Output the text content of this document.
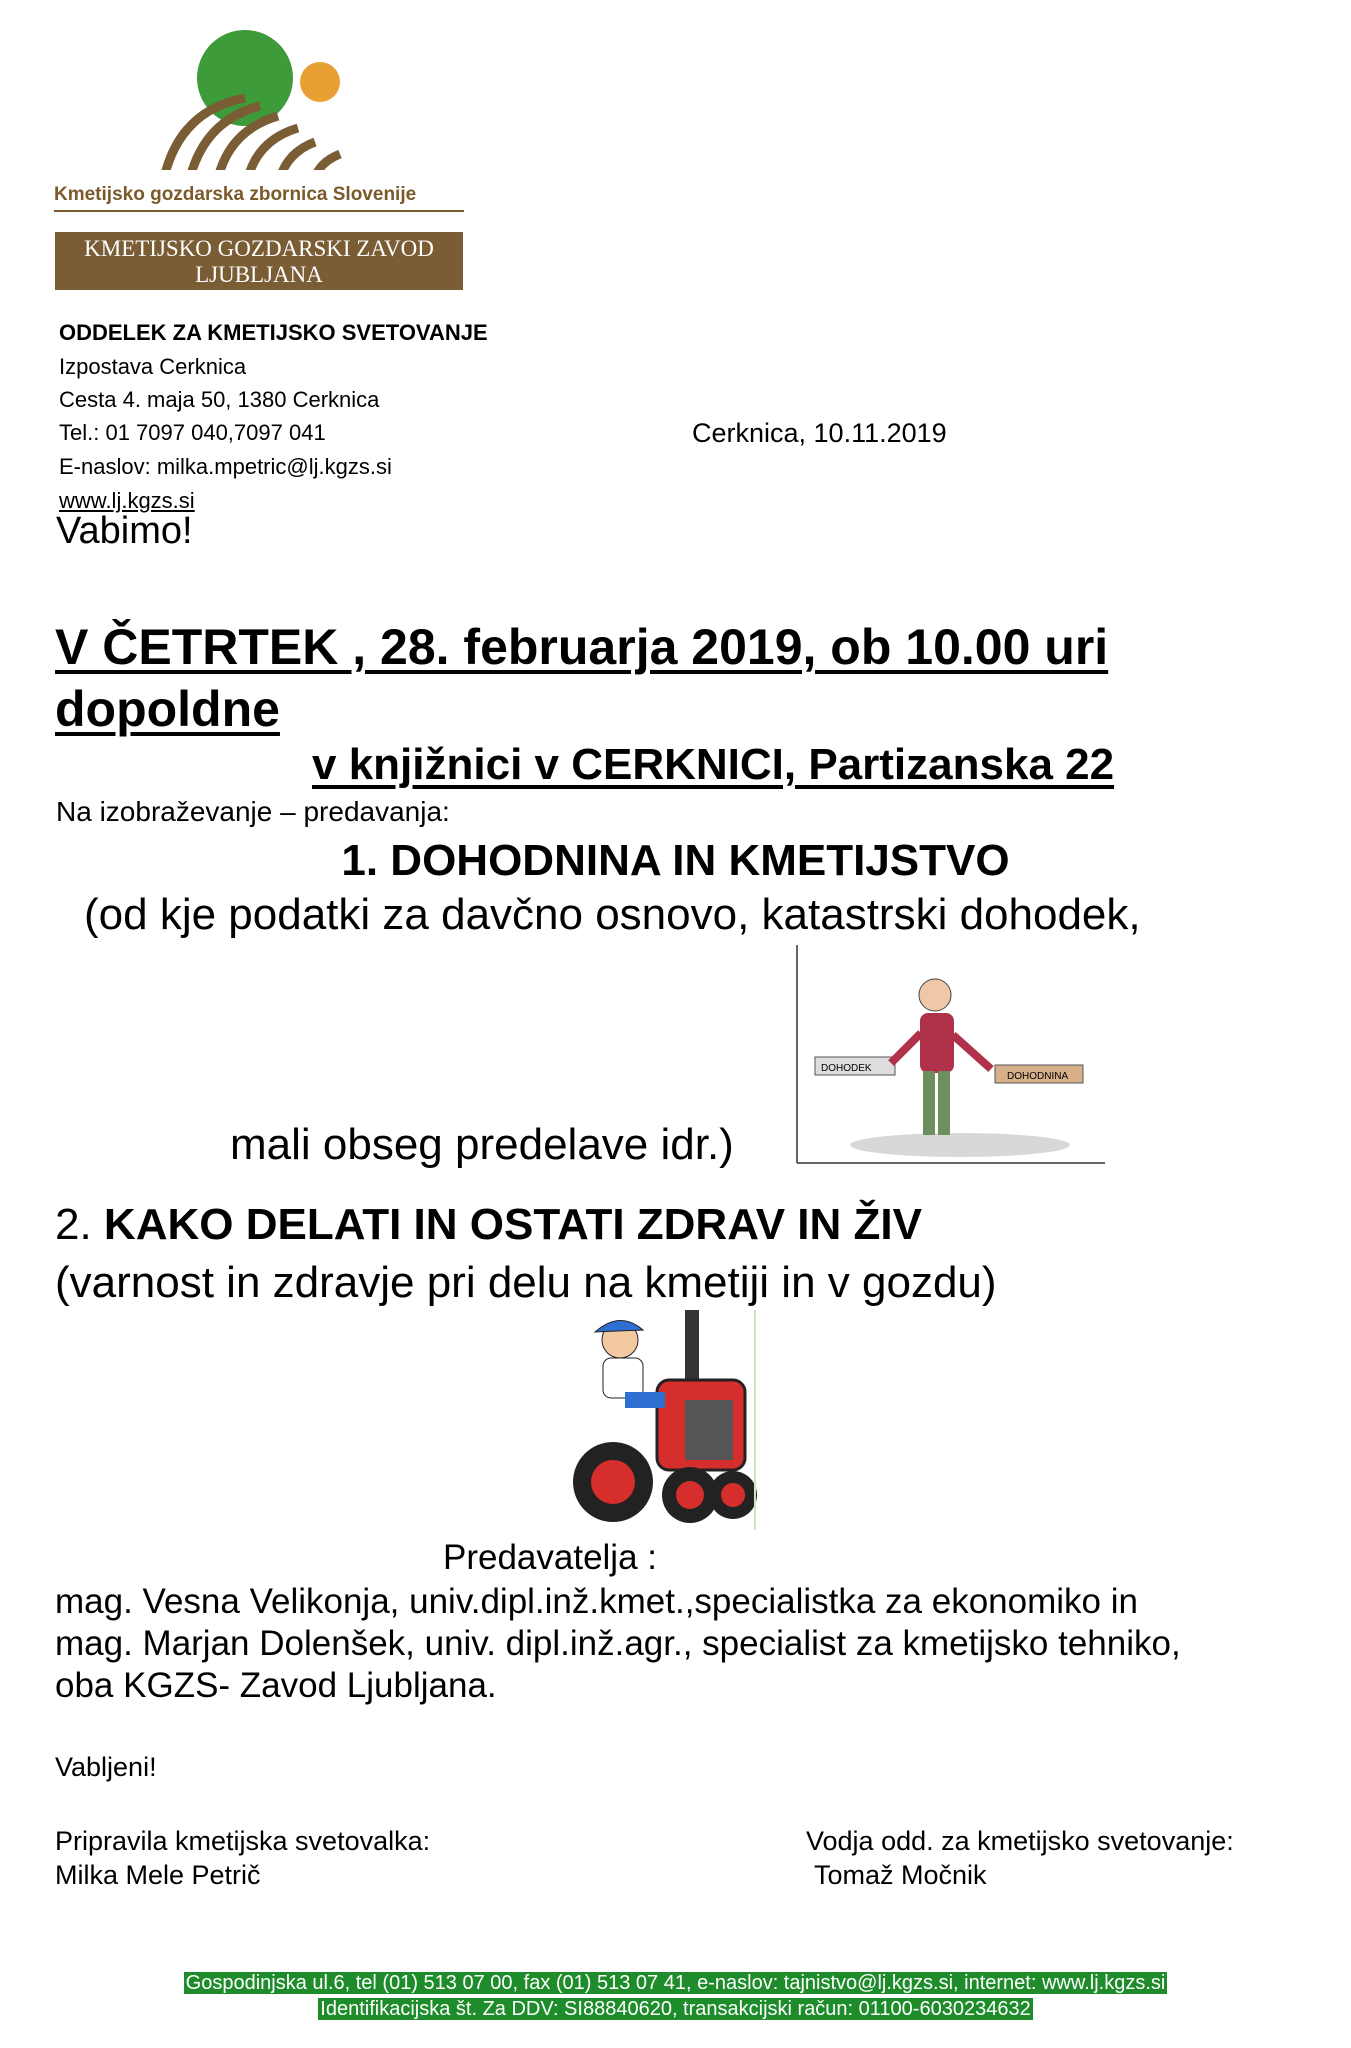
Kmetijsko gozdarska zbornica Slovenije
KMETIJSKO GOZDARSKI ZAVOD
LJUBLJANA
ODDELEK ZA KMETIJSKO SVETOVANJE
Izpostava Cerknica
Cesta 4. maja 50, 1380 Cerknica
Tel.: 01 7097 040,7097 041
E-naslov: milka.mpetric@lj.kgzs.si
www.lj.kgzs.si
Cerknica, 10.11.2019
Vabimo!
V ČETRTEK , 28. februarja 2019, ob 10.00 uri
dopoldne
v knjižnici v CERKNICI, Partizanska 22
Na izobraževanje – predavanja:
1. DOHODNINA IN KMETIJSTVO
(od kje podatki za davčno osnovo, katastrski dohodek,
DOHODEK
DOHODNINA
mali obseg predelave idr.)
2. KAKO DELATI IN OSTATI ZDRAV IN ŽIV
(varnost in zdravje pri delu na kmetiji in v gozdu)
Predavatelja :
mag. Vesna Velikonja, univ.dipl.inž.kmet.,specialistka za ekonomiko in
mag. Marjan Dolenšek, univ. dipl.inž.agr., specialist za kmetijsko tehniko,
oba KGZS- Zavod Ljubljana.
Vabljeni!
Pripravila kmetijska svetovalka:
Milka Mele Petrič
Vodja odd. za kmetijsko svetovanje:
Tomaž Močnik
Gospodinjska ul.6, tel (01) 513 07 00, fax (01) 513 07 41, e-naslov: tajnistvo@lj.kgzs.si, internet: www.lj.kgzs.si
Identifikacijska št. Za DDV: SI88840620, transakcijski račun: 01100-6030234632
